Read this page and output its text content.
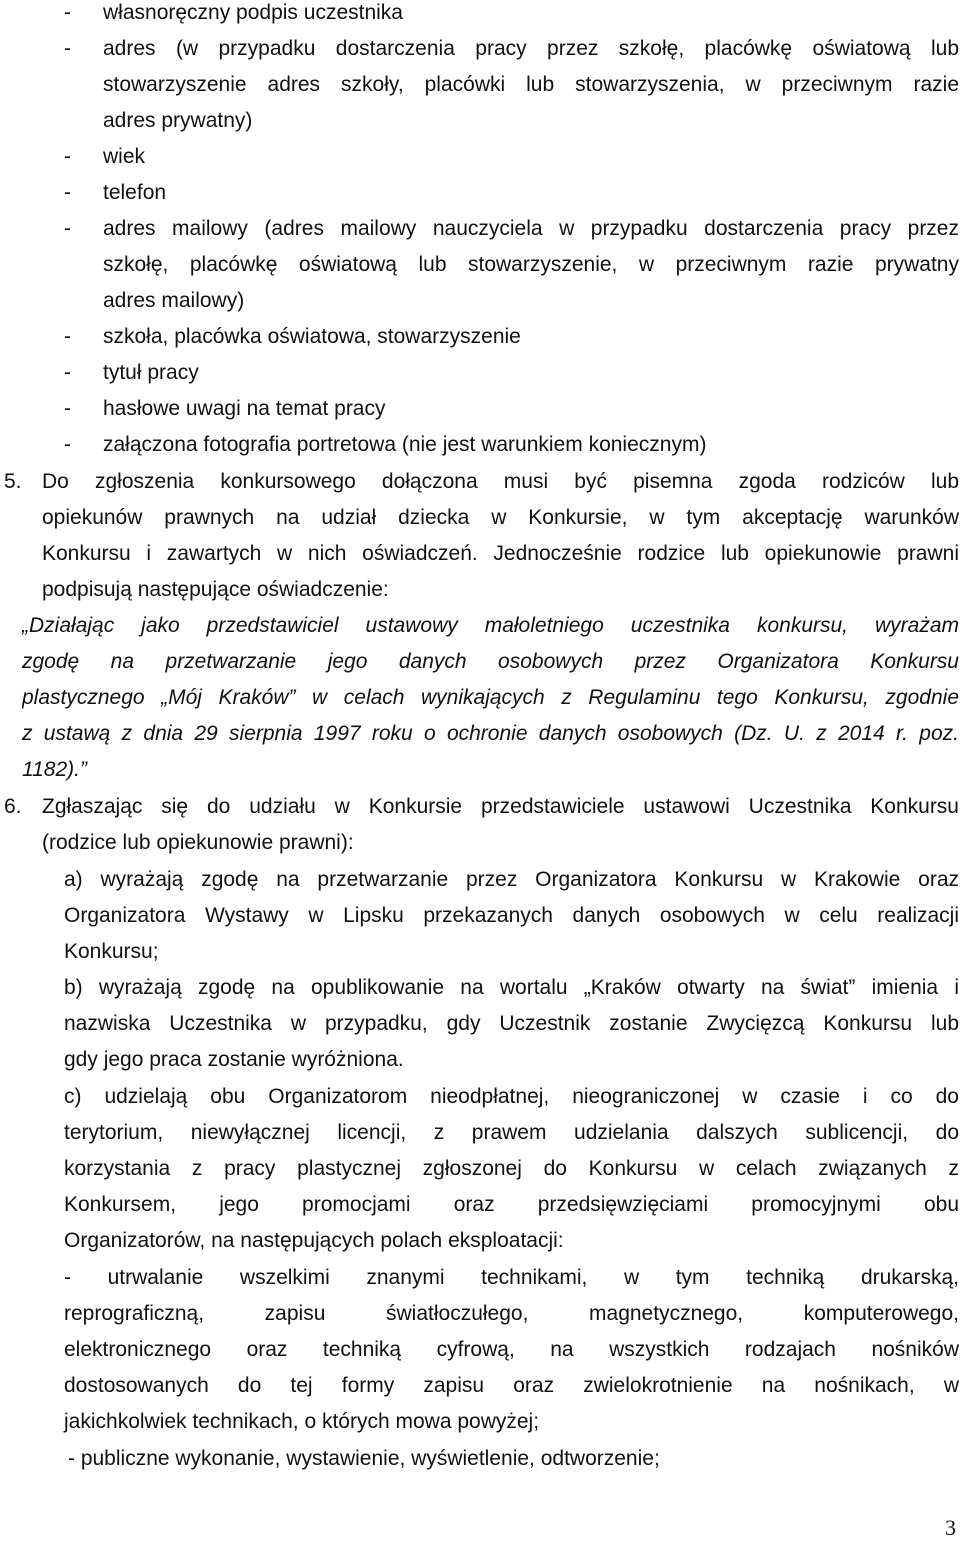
- własnoręczny podpis uczestnika
- adres (w przypadku dostarczenia pracy przez szkołę, placówkę oświatową lub
stowarzyszenie adres szkoły, placówki lub stowarzyszenia, w przeciwnym razie
adres prywatny)
- wiek
- telefon
- adres mailowy (adres mailowy nauczyciela w przypadku dostarczenia pracy przez
szkołę, placówkę oświatową lub stowarzyszenie, w przeciwnym razie prywatny
adres mailowy)
- szkoła, placówka oświatowa, stowarzyszenie
- tytuł pracy
- hasłowe uwagi na temat pracy
- załączona fotografia portretowa (nie jest warunkiem koniecznym)
5. Do zgłoszenia konkursowego dołączona musi być pisemna zgoda rodziców lub
opiekunów prawnych na udział dziecka w Konkursie, w tym akceptację warunków
Konkursu i zawartych w nich oświadczeń. Jednocześnie rodzice lub opiekunowie prawni
podpisują następujące oświadczenie:
„Działając jako przedstawiciel ustawowy małoletniego uczestnika konkursu, wyrażam
zgodę na przetwarzanie jego danych osobowych przez Organizatora Konkursu
plastycznego „Mój Kraków” w celach wynikających z Regulaminu tego Konkursu, zgodnie
z ustawą z dnia 29 sierpnia 1997 roku o ochronie danych osobowych (Dz. U. z 2014 r. poz.
1182).”
6. Zgłaszając się do udziału w Konkursie przedstawiciele ustawowi Uczestnika Konkursu
(rodzice lub opiekunowie prawni):
a) wyrażają zgodę na przetwarzanie przez Organizatora Konkursu w Krakowie oraz
Organizatora Wystawy w Lipsku przekazanych danych osobowych w celu realizacji
Konkursu;
b) wyrażają zgodę na opublikowanie na wortalu „Kraków otwarty na świat” imienia i
nazwiska Uczestnika w przypadku, gdy Uczestnik zostanie Zwycięzcą Konkursu lub
gdy jego praca zostanie wyróżniona.
c) udzielają obu Organizatorom nieodpłatnej, nieograniczonej w czasie i co do
terytorium, niewyłącznej licencji, z prawem udzielania dalszych sublicencji, do
korzystania z pracy plastycznej zgłoszonej do Konkursu w celach związanych z
Konkursem, jego promocjami oraz przedsięwzięciami promocyjnymi obu
Organizatorów, na następujących polach eksploatacji:
- utrwalanie wszelkimi znanymi technikami, w tym techniką drukarską,
reprograficzną, zapisu światłoczułego, magnetycznego, komputerowego,
elektronicznego oraz techniką cyfrową, na wszystkich rodzajach nośników
dostosowanych do tej formy zapisu oraz zwielokrotnienie na nośnikach, w
jakichkolwiek technikach, o których mowa powyżej;
- publiczne wykonanie, wystawienie, wyświetlenie, odtworzenie;
3
